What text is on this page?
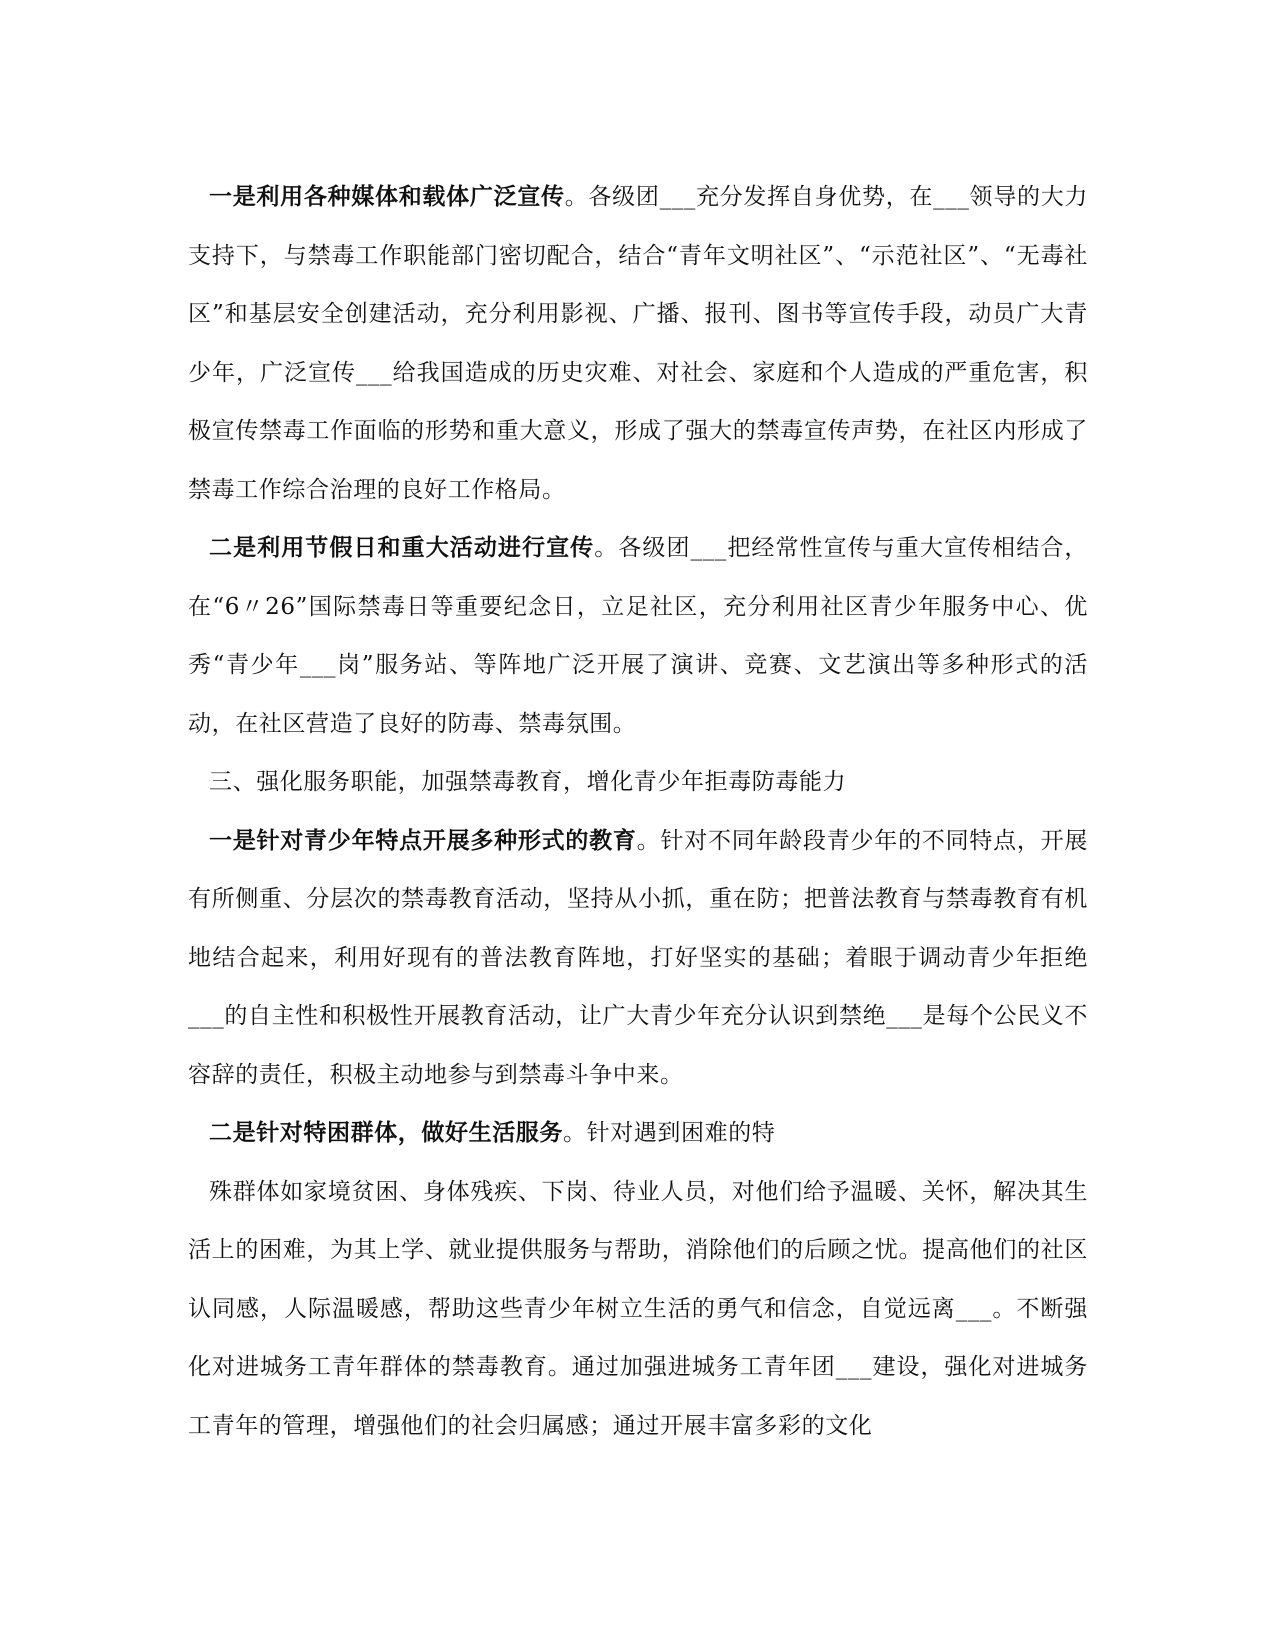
一是利用各种媒体和载体广泛宣传。各级团___充分发挥自身优势，在___领导的大力支持下，与禁毒工作职能部门密切配合，结合“青年文明社区”、“示范社区”、“无毒社区”和基层安全创建活动，充分利用影视、广播、报刊、图书等宣传手段，动员广大青少年，广泛宣传___给我国造成的历史灾难、对社会、家庭和个人造成的严重危害，积极宣传禁毒工作面临的形势和重大意义，形成了强大的禁毒宣传声势，在社区内形成了禁毒工作综合治理的良好工作格局。

二是利用节假日和重大活动进行宣传。各级团___把经常性宣传与重大宣传相结合，在“6〃26”国际禁毒日等重要纪念日，立足社区，充分利用社区青少年服务中心、优秀“青少年___岗”服务站、等阵地广泛开展了演讲、竞赛、文艺演出等多种形式的活动，在社区营造了良好的防毒、禁毒氛围。

三、强化服务职能，加强禁毒教育，增化青少年拒毒防毒能力

一是针对青少年特点开展多种形式的教育。针对不同年龄段青少年的不同特点，开展有所侧重、分层次的禁毒教育活动，坚持从小抓，重在防；把普法教育与禁毒教育有机地结合起来，利用好现有的普法教育阵地，打好坚实的基础；着眼于调动青少年拒绝___的自主性和积极性开展教育活动，让广大青少年充分认识到禁绝___是每个公民义不容辞的责任，积极主动地参与到禁毒斗争中来。

二是针对特困群体，做好生活服务。针对遇到困难的特

殊群体如家境贫困、身体残疾、下岗、待业人员，对他们给予温暖、关怀，解决其生活上的困难，为其上学、就业提供服务与帮助，消除他们的后顾之忧。提高他们的社区认同感，人际温暖感，帮助这些青少年树立生活的勇气和信念，自觉远离___。不断强化对进城务工青年群体的禁毒教育。通过加强进城务工青年团___建设，强化对进城务工青年的管理，增强他们的社会归属感；通过开展丰富多彩的文化
